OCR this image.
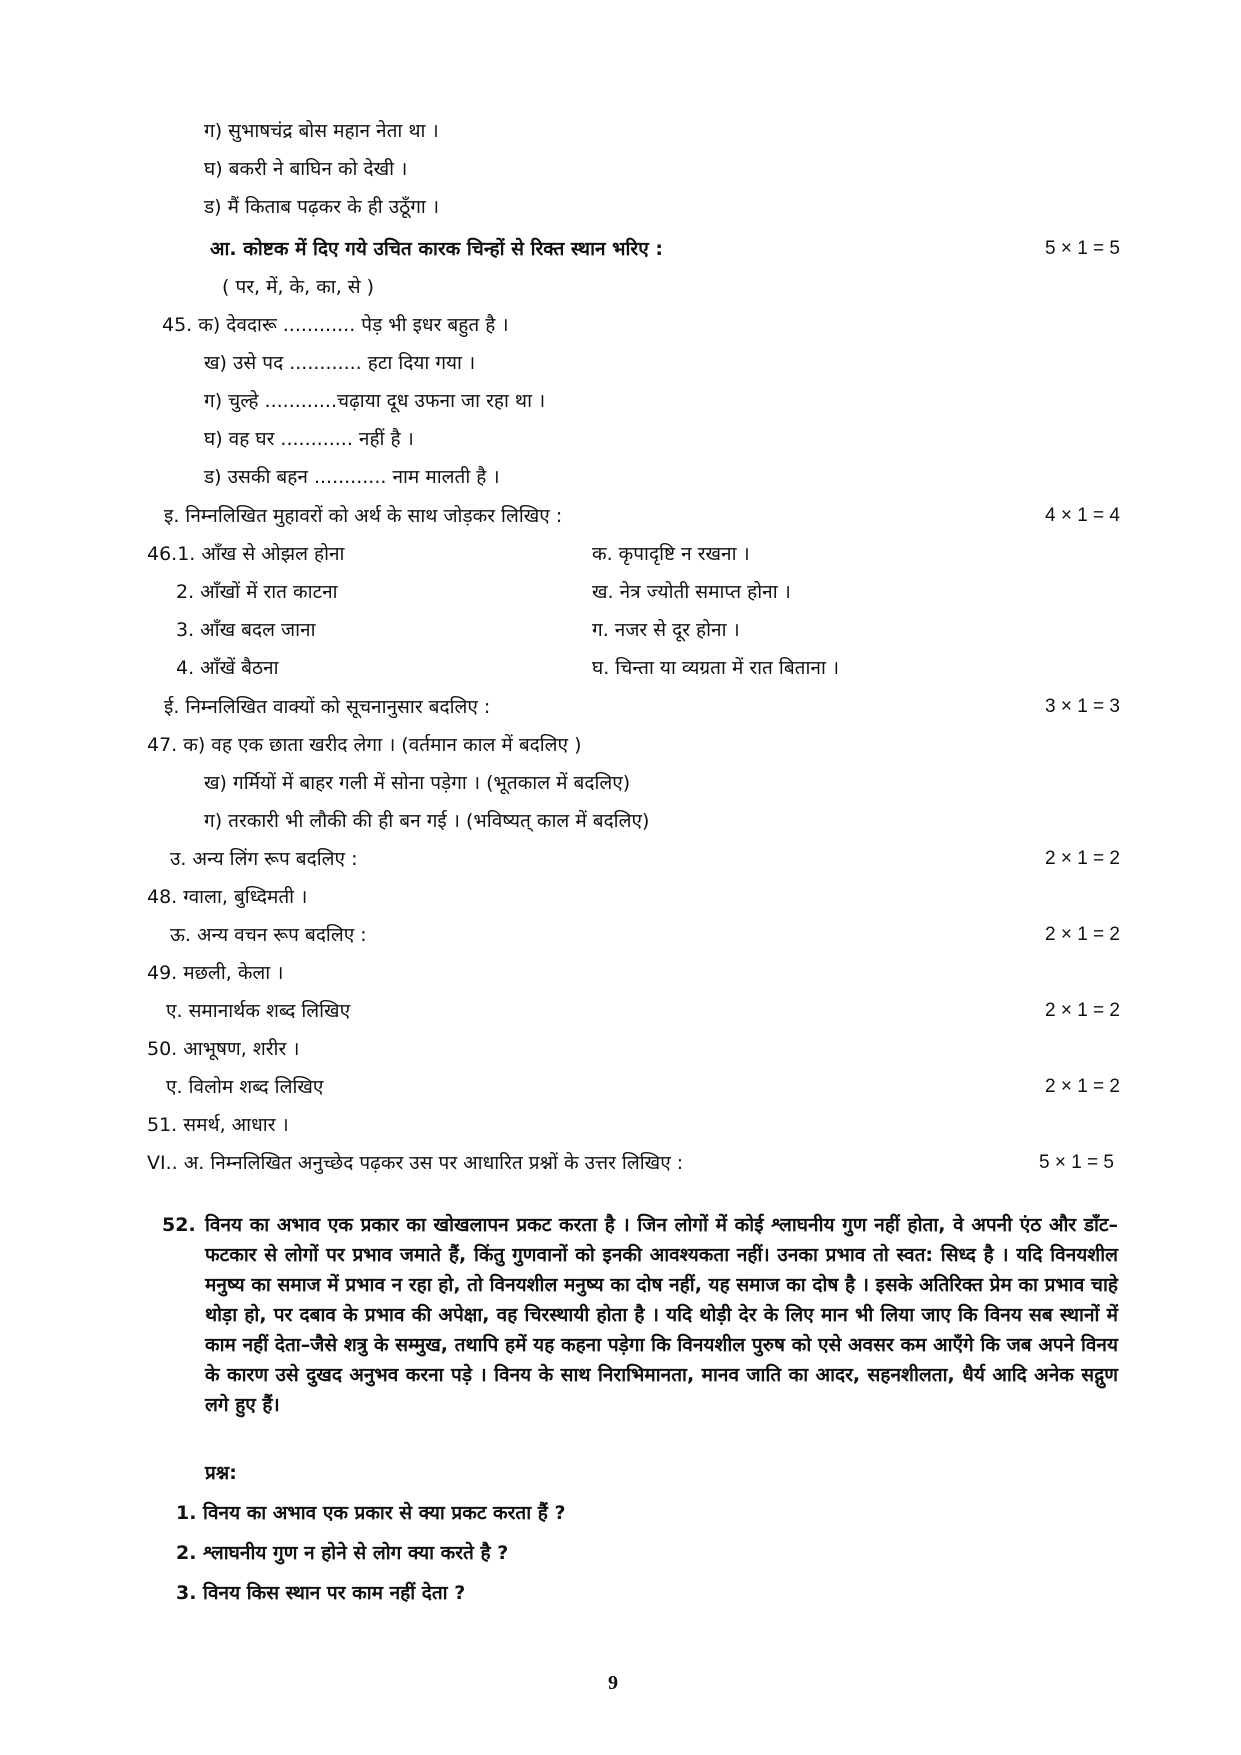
ग) सुभाषचंद्र बोस महान नेता था ।
घ) बकरी ने बाघिन को देखी ।
ड) मैं किताब पढ़कर के ही उठूँगा ।
आ. कोष्टक में दिए गये उचित कारक चिन्हों से रिक्त स्थान भरिए :	5 × 1 = 5
( पर, में, के, का, से )
45. क) देवदारू ............ पेड़ भी इधर बहुत है ।
ख) उसे पद ............ हटा दिया गया ।
ग) चुल्हे ............चढ़ाया दूध उफना जा रहा था ।
घ) वह घर ............ नहीं है ।
ड) उसकी बहन ............ नाम मालती है ।
इ. निम्नलिखित मुहावरों को अर्थ के साथ जोड़कर लिखिए :	4 × 1 = 4
46.1. आँख से ओझल होना	क. कृपादृष्टि न रखना ।
2. आँखों में रात काटना	ख. नेत्र ज्योती समाप्त होना ।
3. आँख बदल जाना	ग. नजर से दूर होना ।
4. आँखें बैठना	घ. चिन्ता या व्यग्रता में रात बिताना ।
ई. निम्नलिखित वाक्यों को सूचनानुसार बदलिए :	3 × 1 = 3
47. क) वह एक छाता खरीद लेगा । (वर्तमान काल में बदलिए )
ख) गर्मियों में बाहर गली में सोना पड़ेगा । (भूतकाल में बदलिए)
ग) तरकारी भी लौकी की ही बन गई । (भविष्यत् काल में बदलिए)
उ. अन्य लिंग रूप बदलिए :	2 × 1 = 2
48. ग्वाला, बुध्दिमती ।
ऊ. अन्य वचन रूप बदलिए :	2 × 1 = 2
49. मछली, केला ।
ए. समानार्थक शब्द लिखिए	2 × 1 = 2
50. आभूषण, शरीर ।
ए. विलोम शब्द लिखिए	2 × 1 = 2
51. समर्थ, आधार ।
VI.. अ. निम्नलिखित अनुच्छेद पढ़कर उस पर आधारित प्रश्नों के उत्तर लिखिए :	5 × 1 = 5
52. विनय का अभाव एक प्रकार का खोखलापन प्रकट करता है । जिन लोगों में कोई श्लाघनीय गुण नहीं होता, वे अपनी एंठ और डाँट–फटकार से लोगों पर प्रभाव जमाते हैं, किंतु गुणवानों को इनकी आवश्यकता नहीं। उनका प्रभाव तो स्वत: सिध्द है । यदि विनयशील मनुष्य का समाज में प्रभाव न रहा हो, तो विनयशील मनुष्य का दोष नहीं, यह समाज का दोष है । इसके अतिरिक्त प्रेम का प्रभाव चाहे थोड़ा हो, पर दबाव के प्रभाव की अपेक्षा, वह चिरस्थायी होता है । यदि थोड़ी देर के लिए मान भी लिया जाए कि विनय सब स्थानों में काम नहीं देता–जैसे शत्रु के सम्मुख, तथापि हमें यह कहना पड़ेगा कि विनयशील पुरुष को एसे अवसर कम आएँगे कि जब अपने विनय के कारण उसे दुखद अनुभव करना पड़े । विनय के साथ निराभिमानता, मानव जाति का आदर, सहनशीलता, धैर्य आदि अनेक सद्गुण लगे हुए हैं।
प्रश्न:
1. विनय का अभाव एक प्रकार से क्या प्रकट करता हैं ?
2. श्लाघनीय गुण न होने से लोग क्या करते है ?
3. विनय किस स्थान पर काम नहीं देता ?
9
